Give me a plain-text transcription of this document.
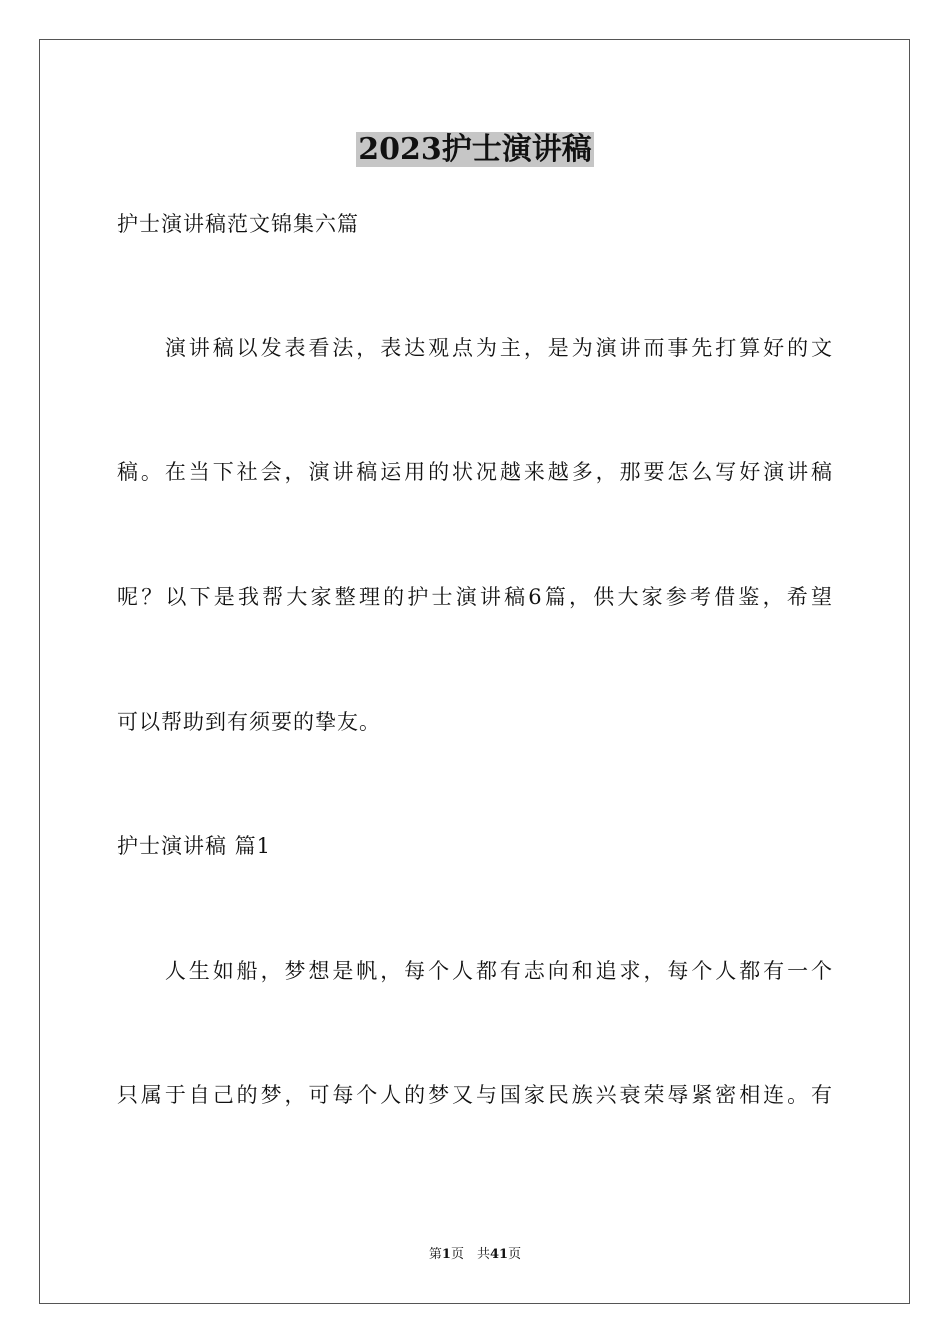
2023护士演讲稿
护士演讲稿范文锦集六篇
　　演讲稿以发表看法，表达观点为主，是为演讲而事先打算好的文
稿。在当下社会，演讲稿运用的状况越来越多，那要怎么写好演讲稿
呢？以下是我帮大家整理的护士演讲稿6篇，供大家参考借鉴，希望
可以帮助到有须要的挚友。
护士演讲稿 篇1
　　人生如船，梦想是帆，每个人都有志向和追求，每个人都有一个
只属于自己的梦，可每个人的梦又与国家民族兴衰荣辱紧密相连。有
第1页　共41页
